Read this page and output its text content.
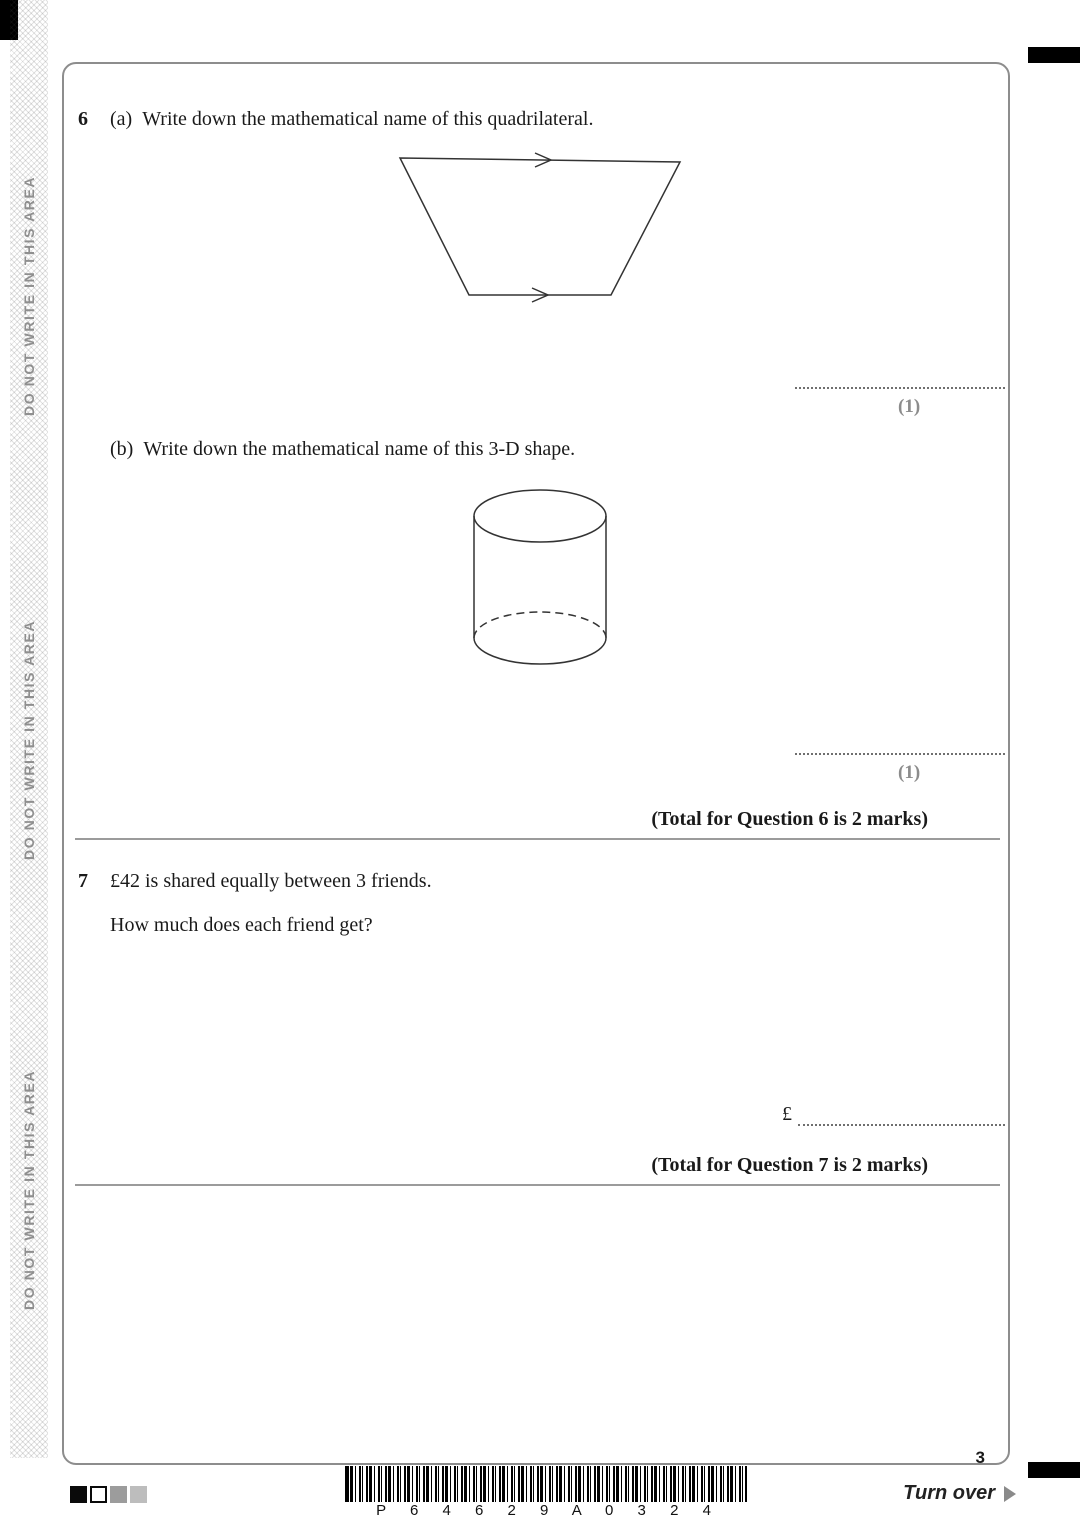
DO NOT WRITE IN THIS AREA
DO NOT WRITE IN THIS AREA
DO NOT WRITE IN THIS AREA
6 (a) Write down the mathematical name of this quadrilateral.
(1)
(b) Write down the mathematical name of this 3-D shape.
(1)
(Total for Question 6 is 2 marks)
7 £42 is shared equally between 3 friends.
How much does each friend get?
£
(Total for Question 7 is 2 marks)
P 6 4 6 2 9 A 0 3 2 4
3
Turn over
